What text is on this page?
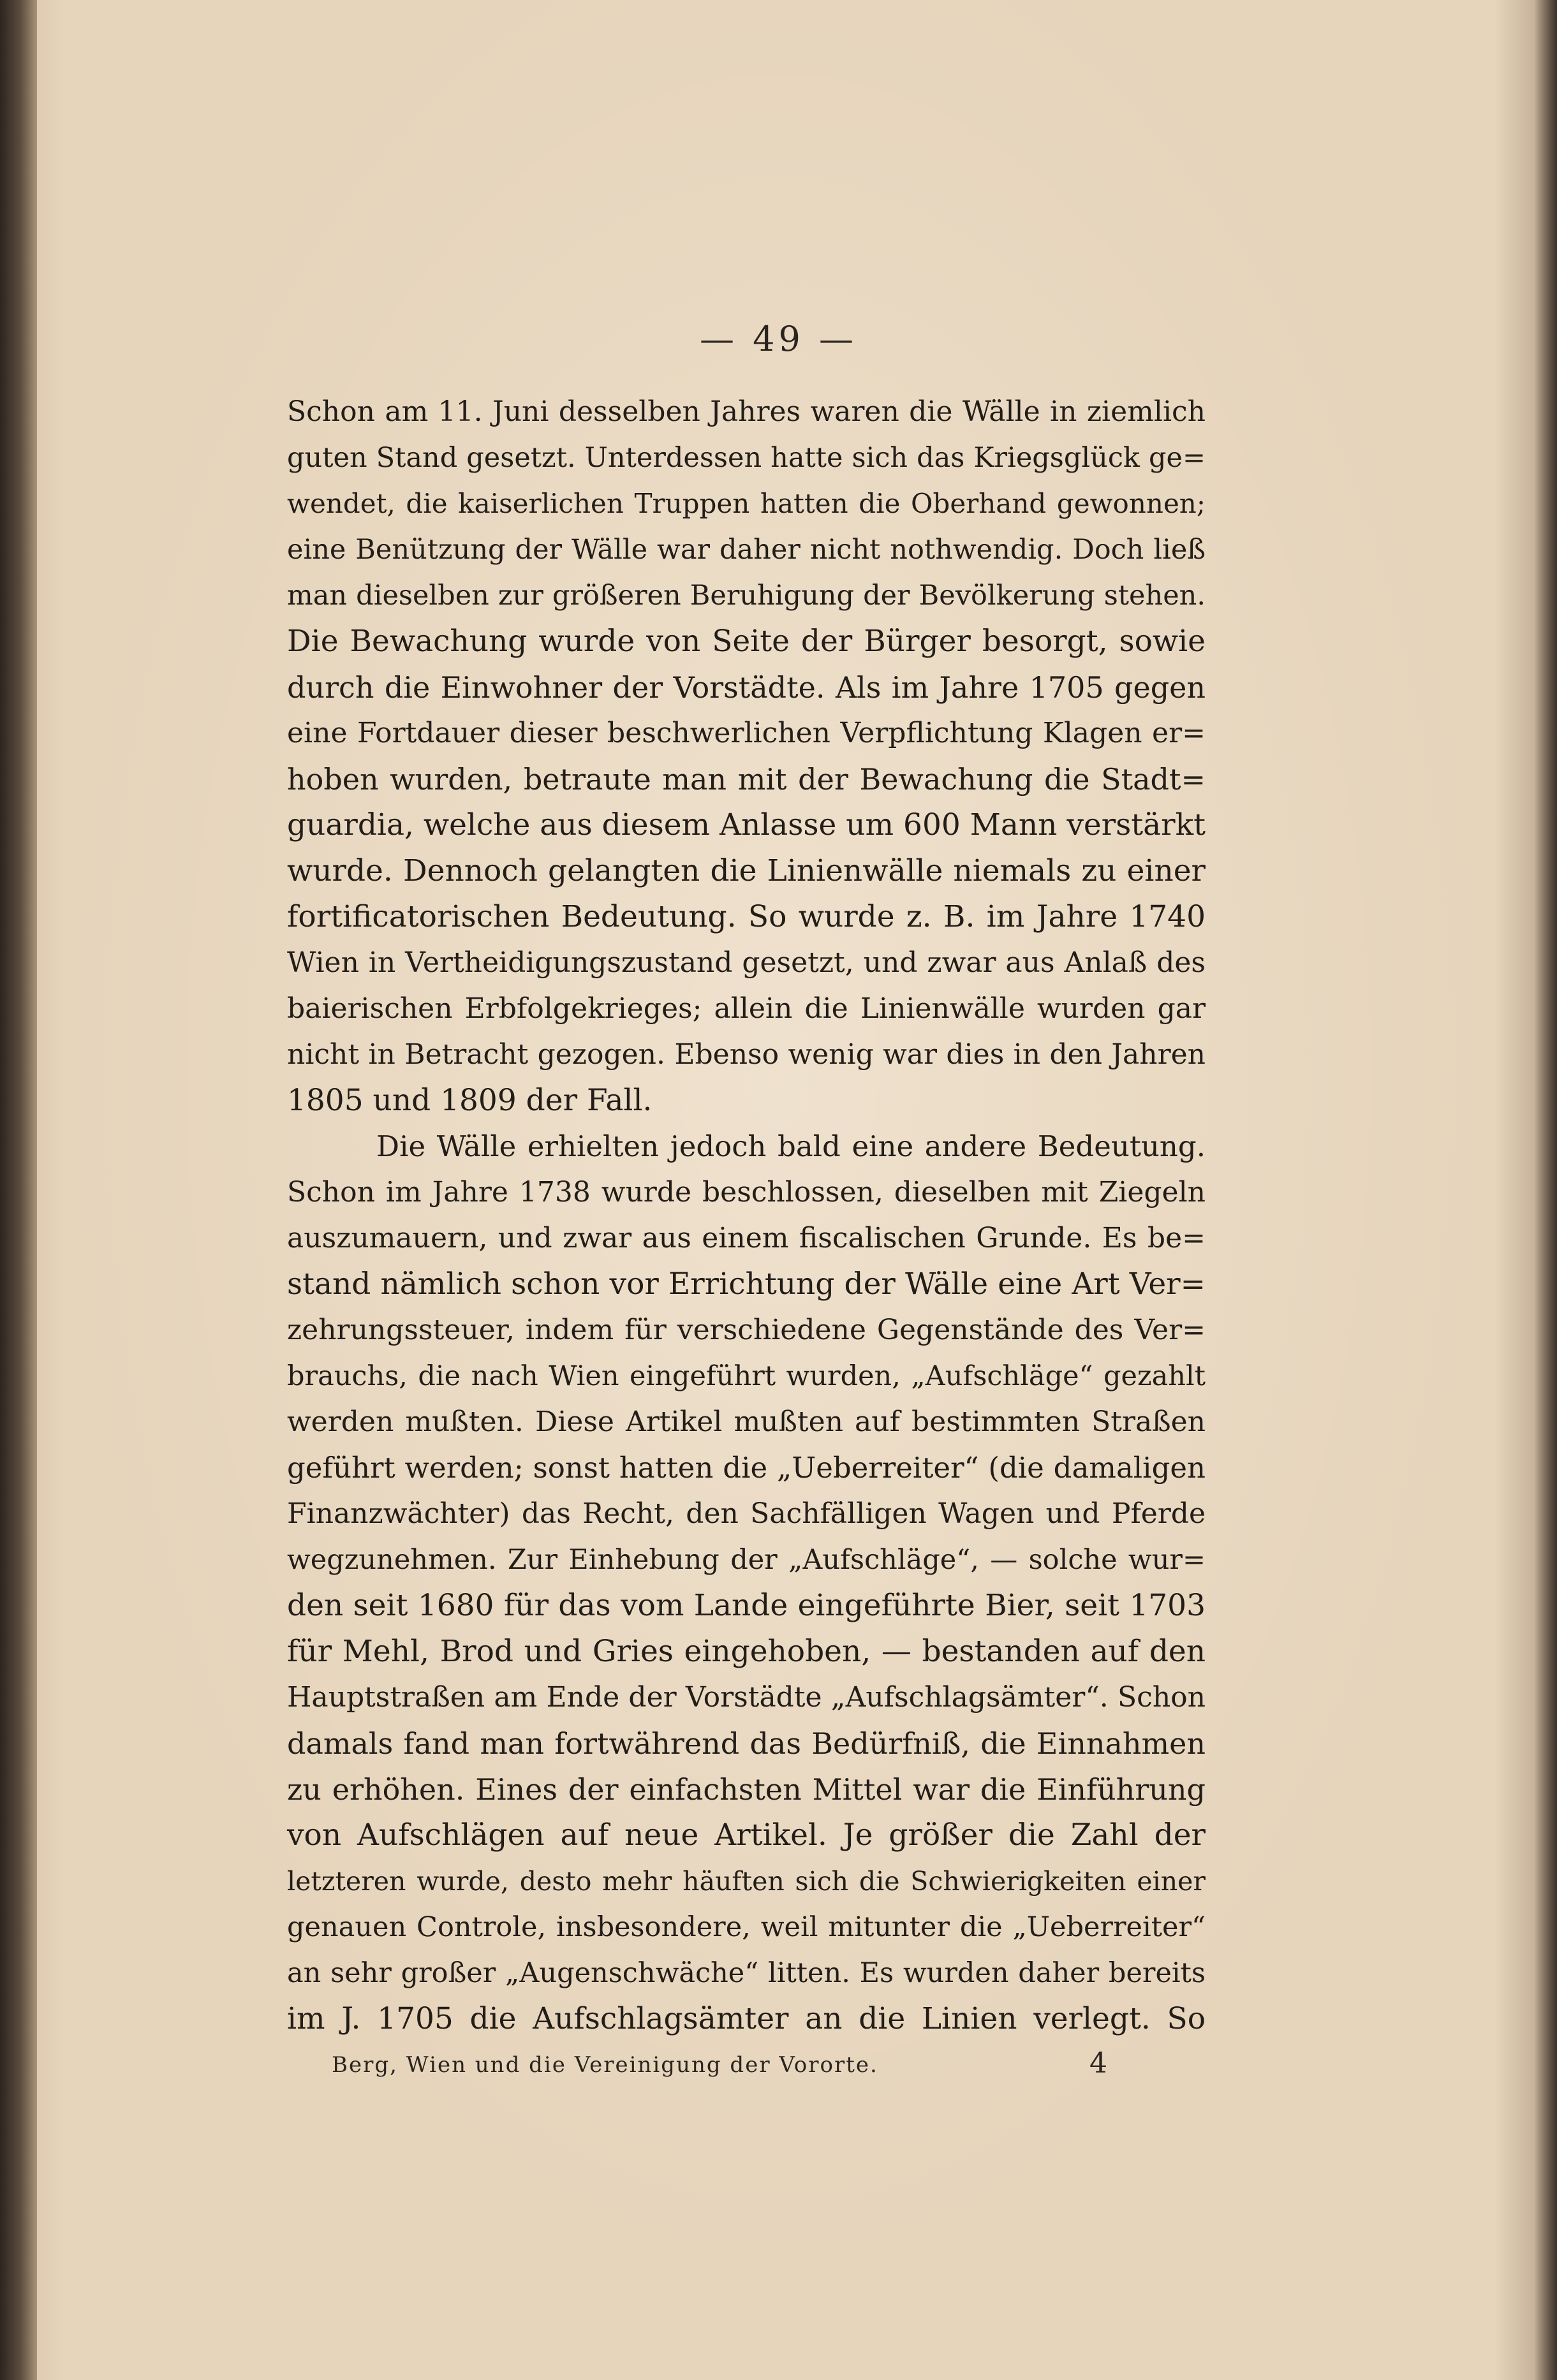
— 49 —
Schon am 11. Juni desselben Jahres waren die Wälle in ziemlich
guten Stand gesetzt. Unterdessen hatte sich das Kriegsglück ge=
wendet, die kaiserlichen Truppen hatten die Oberhand gewonnen;
eine Benützung der Wälle war daher nicht nothwendig. Doch ließ
man dieselben zur größeren Beruhigung der Bevölkerung stehen.
Die Bewachung wurde von Seite der Bürger besorgt, sowie
durch die Einwohner der Vorstädte. Als im Jahre 1705 gegen
eine Fortdauer dieser beschwerlichen Verpflichtung Klagen er=
hoben wurden, betraute man mit der Bewachung die Stadt=
guardia, welche aus diesem Anlasse um 600 Mann verstärkt
wurde. Dennoch gelangten die Linienwälle niemals zu einer
fortificatorischen Bedeutung. So wurde z. B. im Jahre 1740
Wien in Vertheidigungszustand gesetzt, und zwar aus Anlaß des
baierischen Erbfolgekrieges; allein die Linienwälle wurden gar
nicht in Betracht gezogen. Ebenso wenig war dies in den Jahren
1805 und 1809 der Fall.
Die Wälle erhielten jedoch bald eine andere Bedeutung.
Schon im Jahre 1738 wurde beschlossen, dieselben mit Ziegeln
auszumauern, und zwar aus einem fiscalischen Grunde. Es be=
stand nämlich schon vor Errichtung der Wälle eine Art Ver=
zehrungssteuer, indem für verschiedene Gegenstände des Ver=
brauchs, die nach Wien eingeführt wurden, „Aufschläge“ gezahlt
werden mußten. Diese Artikel mußten auf bestimmten Straßen
geführt werden; sonst hatten die „Ueberreiter“ (die damaligen
Finanzwächter) das Recht, den Sachfälligen Wagen und Pferde
wegzunehmen. Zur Einhebung der „Aufschläge“, — solche wur=
den seit 1680 für das vom Lande eingeführte Bier, seit 1703
für Mehl, Brod und Gries eingehoben, — bestanden auf den
Hauptstraßen am Ende der Vorstädte „Aufschlagsämter“. Schon
damals fand man fortwährend das Bedürfniß, die Einnahmen
zu erhöhen. Eines der einfachsten Mittel war die Einführung
von Aufschlägen auf neue Artikel. Je größer die Zahl der
letzteren wurde, desto mehr häuften sich die Schwierigkeiten einer
genauen Controle, insbesondere, weil mitunter die „Ueberreiter“
an sehr großer „Augenschwäche“ litten. Es wurden daher bereits
im J. 1705 die Aufschlagsämter an die Linien verlegt. So
Berg, Wien und die Vereinigung der Vororte.	4
